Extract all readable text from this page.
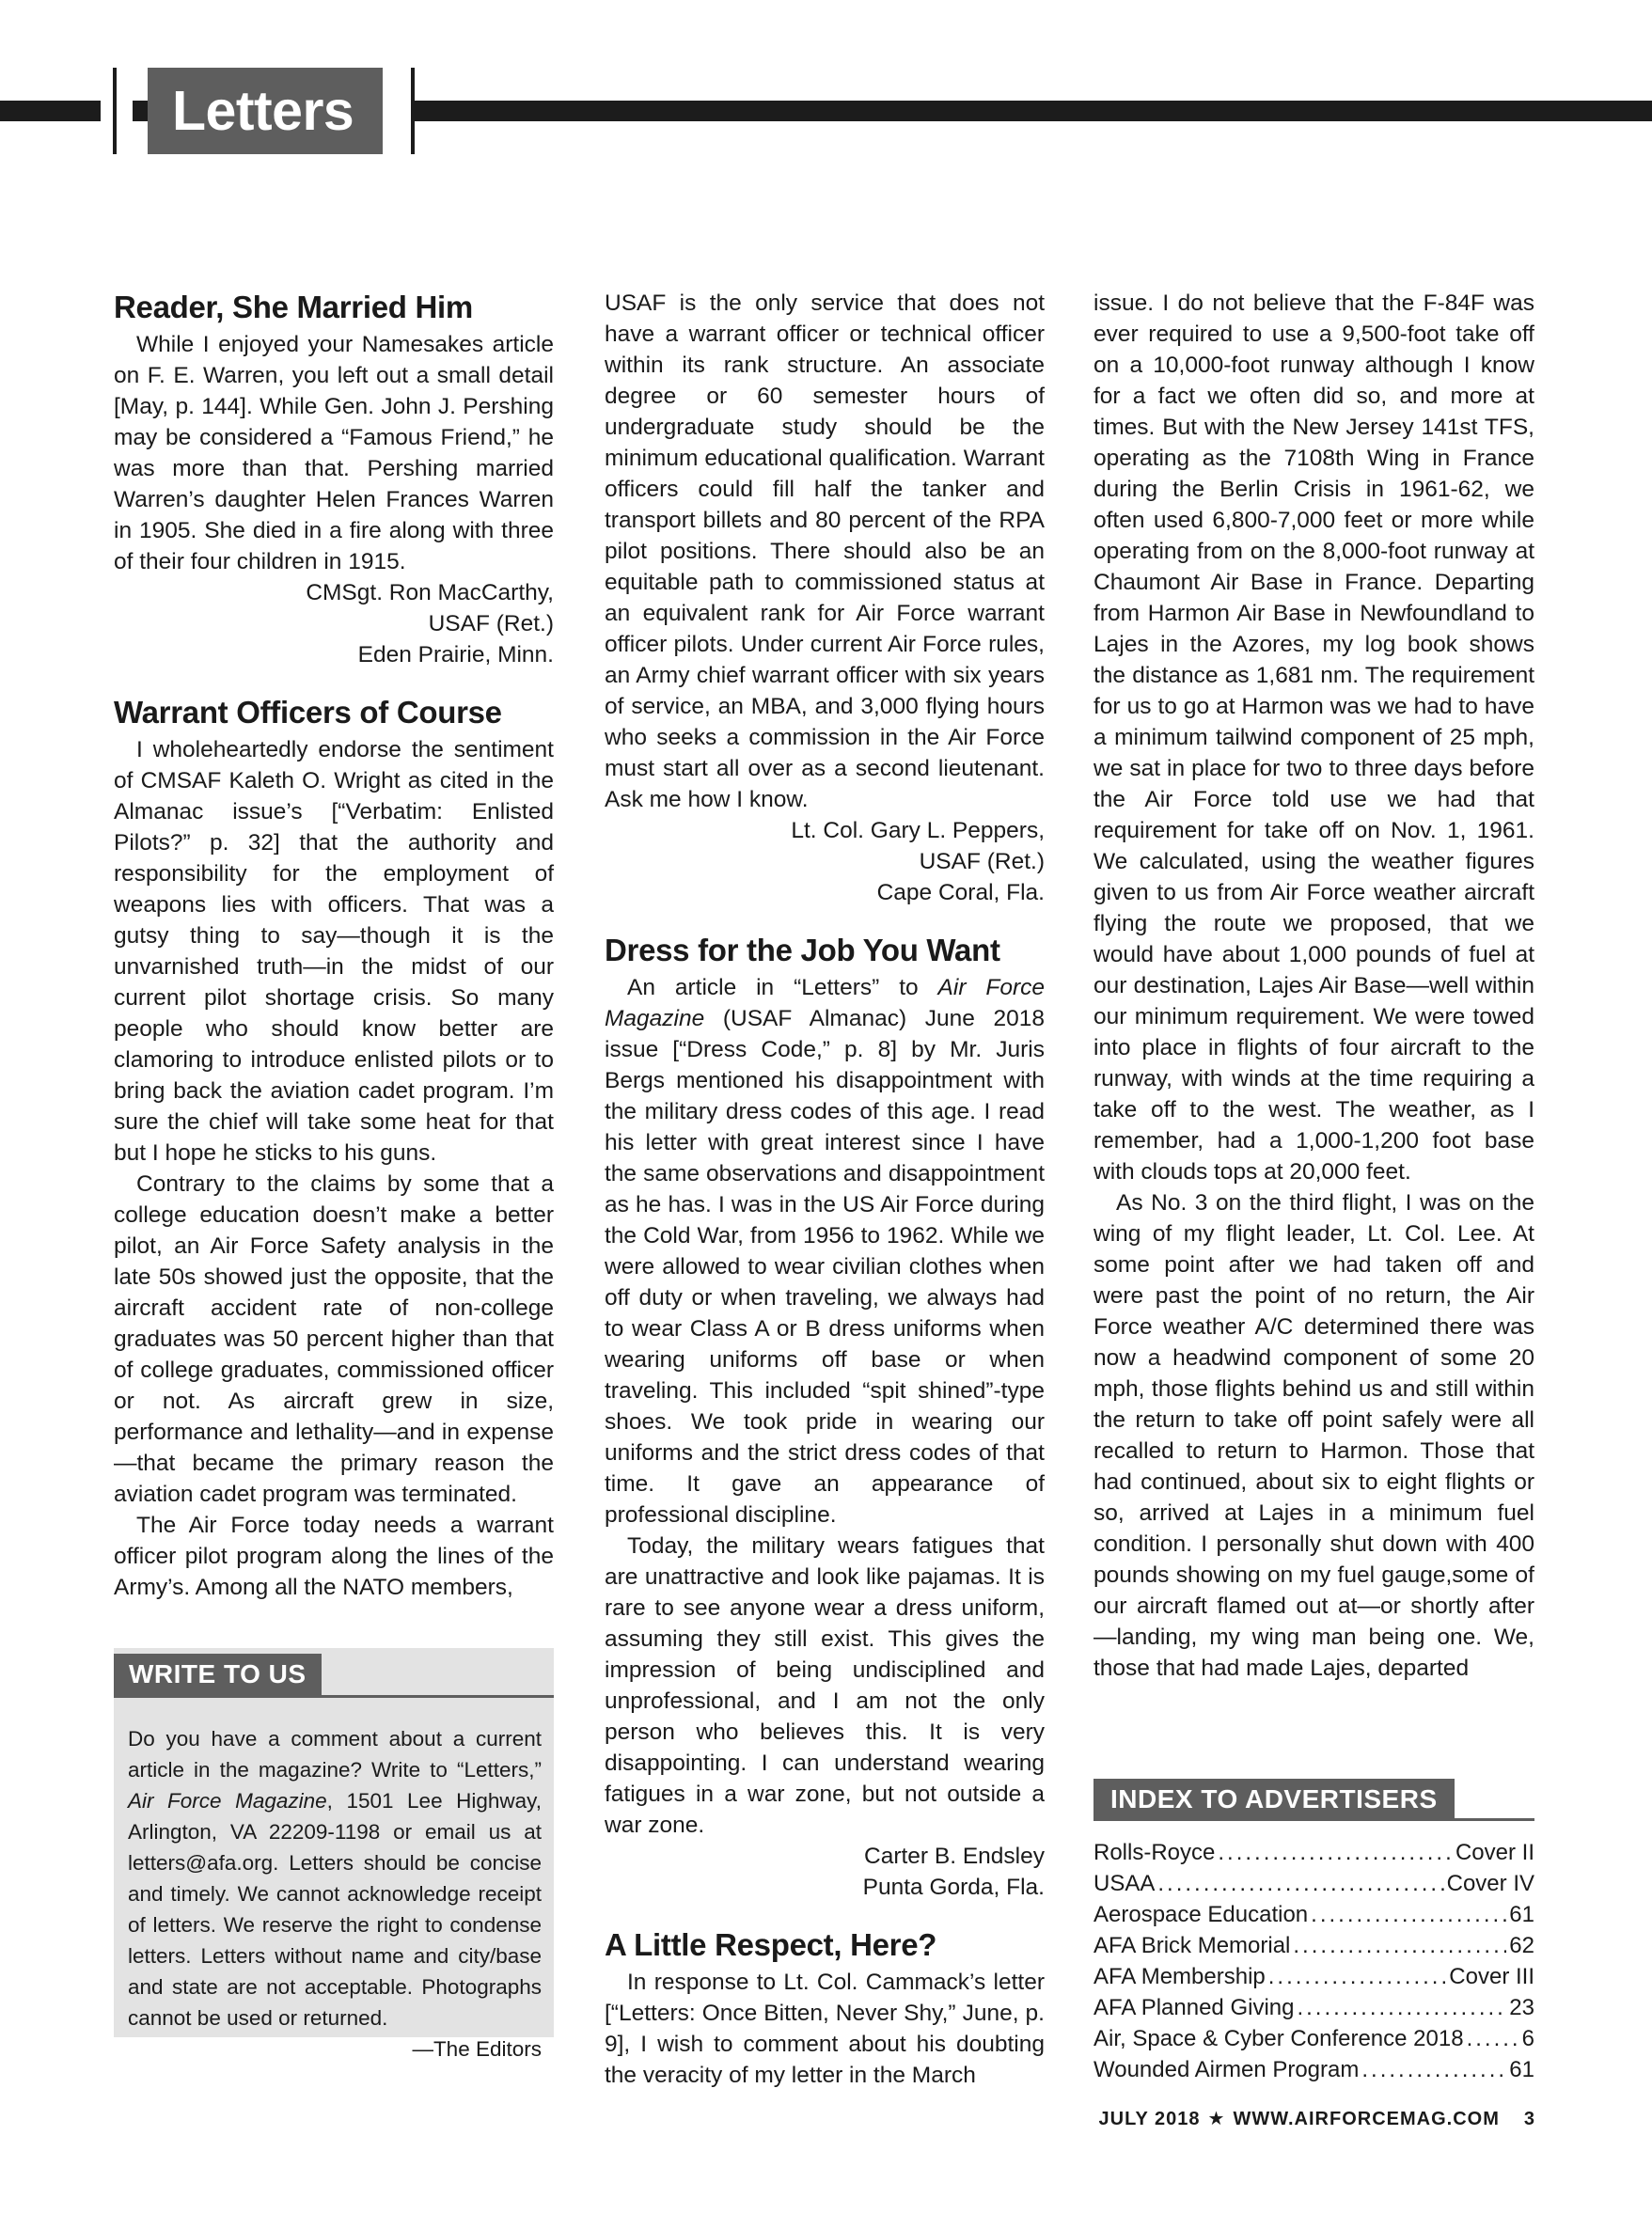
Letters
Reader, She Married Him

While I enjoyed your Namesakes article on F. E. Warren, you left out a small detail [May, p. 144]. While Gen. John J. Pershing may be considered a “Famous Friend,” he was more than that. Pershing married Warren’s daughter Helen Frances Warren in 1905. She died in a fire along with three of their four children in 1915.

CMSgt. Ron MacCarthy,
USAF (Ret.)
Eden Prairie, Minn.
Warrant Officers of Course

I wholeheartedly endorse the sentiment of CMSAF Kaleth O. Wright as cited in the Almanac issue’s [“Verbatim: Enlisted Pilots?” p. 32] that the authority and responsibility for the employment of weapons lies with officers. That was a gutsy thing to say—though it is the unvarnished truth—in the midst of our current pilot shortage crisis. So many people who should know better are clamoring to introduce enlisted pilots or to bring back the aviation cadet program. I’m sure the chief will take some heat for that but I hope he sticks to his guns.

Contrary to the claims by some that a college education doesn’t make a better pilot, an Air Force Safety analysis in the late 50s showed just the opposite, that the aircraft accident rate of non-college graduates was 50 percent higher than that of college graduates, commissioned officer or not. As aircraft grew in size, performance and lethality—and in expense—that became the primary reason the aviation cadet program was terminated.

The Air Force today needs a warrant officer pilot program along the lines of the Army’s. Among all the NATO members,

WRITE TO US
Do you have a comment about a current article in the magazine? Write to “Letters,” Air Force Magazine, 1501 Lee Highway, Arlington, VA 22209-1198 or email us at letters@afa.org. Letters should be concise and timely. We cannot acknowledge receipt of letters. We reserve the right to condense letters. Letters without name and city/base and state are not acceptable. Photographs cannot be used or returned.
—The Editors

USAF is the only service that does not have a warrant officer or technical officer within its rank structure. An associate degree or 60 semester hours of undergraduate study should be the minimum educational qualification. Warrant officers could fill half the tanker and transport billets and 80 percent of the RPA pilot positions. There should also be an equitable path to commissioned status at an equivalent rank for Air Force warrant officer pilots. Under current Air Force rules, an Army chief warrant officer with six years of service, an MBA, and 3,000 flying hours who seeks a commission in the Air Force must start all over as a second lieutenant. Ask me how I know.

Lt. Col. Gary L. Peppers,
USAF (Ret.)
Cape Coral, Fla.
Dress for the Job You Want

An article in “Letters” to Air Force Magazine (USAF Almanac) June 2018 issue [“Dress Code,” p. 8] by Mr. Juris Bergs mentioned his disappointment with the military dress codes of this age. I read his letter with great interest since I have the same observations and disappointment as he has. I was in the US Air Force during the Cold War, from 1956 to 1962. While we were allowed to wear civilian clothes when off duty or when traveling, we always had to wear Class A or B dress uniforms when wearing uniforms off base or when traveling. This included “spit shined”-type shoes. We took pride in wearing our uniforms and the strict dress codes of that time. It gave an appearance of professional discipline.

Today, the military wears fatigues that are unattractive and look like pajamas. It is rare to see anyone wear a dress uniform, assuming they still exist. This gives the impression of being undisciplined and unprofessional, and I am not the only person who believes this. It is very disappointing. I can understand wearing fatigues in a war zone, but not outside a war zone.

Carter B. Endsley
Punta Gorda, Fla.
A Little Respect, Here?

In response to Lt. Col. Cammack’s letter [“Letters: Once Bitten, Never Shy,” June, p. 9], I wish to comment about his doubting the veracity of my letter in the March

issue. I do not believe that the F-84F was ever required to use a 9,500-foot take off on a 10,000-foot runway although I know for a fact we often did so, and more at times. But with the New Jersey 141st TFS, operating as the 7108th Wing in France during the Berlin Crisis in 1961-62, we often used 6,800-7,000 feet or more while operating from on the 8,000-foot runway at Chaumont Air Base in France. Departing from Harmon Air Base in Newfoundland to Lajes in the Azores, my log book shows the distance as 1,681 nm. The requirement for us to go at Harmon was we had to have a minimum tailwind component of 25 mph, we sat in place for two to three days before the Air Force told use we had that requirement for take off on Nov. 1, 1961. We calculated, using the weather figures given to us from Air Force weather aircraft flying the route we proposed, that we would have about 1,000 pounds of fuel at our destination, Lajes Air Base—well within our minimum requirement. We were towed into place in flights of four aircraft to the runway, with winds at the time requiring a take off to the west. The weather, as I remember, had a 1,000-1,200 foot base with clouds tops at 20,000 feet.

As No. 3 on the third flight, I was on the wing of my flight leader, Lt. Col. Lee. At some point after we had taken off and were past the point of no return, the Air Force weather A/C determined there was now a headwind component of some 20 mph, those flights behind us and still within the return to take off point safely were all recalled to return to Harmon. Those that had continued, about six to eight flights or so, arrived at Lajes in a minimum fuel condition. I personally shut down with 400 pounds showing on my fuel gauge,some of our aircraft flamed out at—or shortly after—landing, my wing man being one. We, those that had made Lajes, departed

INDEX TO ADVERTISERS
Rolls-Royce .....	Cover II
USAA .....	Cover IV
Aerospace Education .....	61
AFA Brick Memorial .....	62
AFA Membership .....	Cover III
AFA Planned Giving .....	23
Air, Space & Cyber Conference 2018 .....	6
Wounded Airmen Program .....	61
JULY 2018 ★ WWW.AIRFORCEMAG.COM 3
